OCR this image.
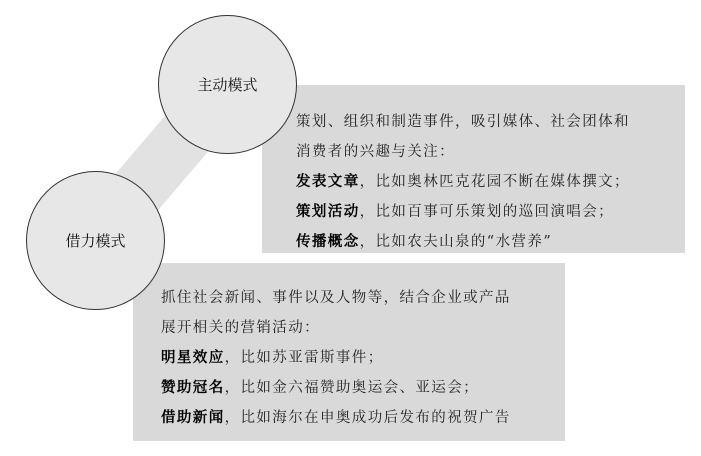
策划、组织和制造事件，吸引媒体、社会团体和
消费者的兴趣与关注：
发表文章，比如奥林匹克花园不断在媒体撰文；
策划活动，比如百事可乐策划的巡回演唱会；
传播概念，比如农夫山泉的“水营养”
抓住社会新闻、事件以及人物等，结合企业或产品
展开相关的营销活动：
明星效应，比如苏亚雷斯事件；
赞助冠名，比如金六福赞助奥运会、亚运会；
借助新闻，比如海尔在申奥成功后发布的祝贺广告
主动模式
借力模式
